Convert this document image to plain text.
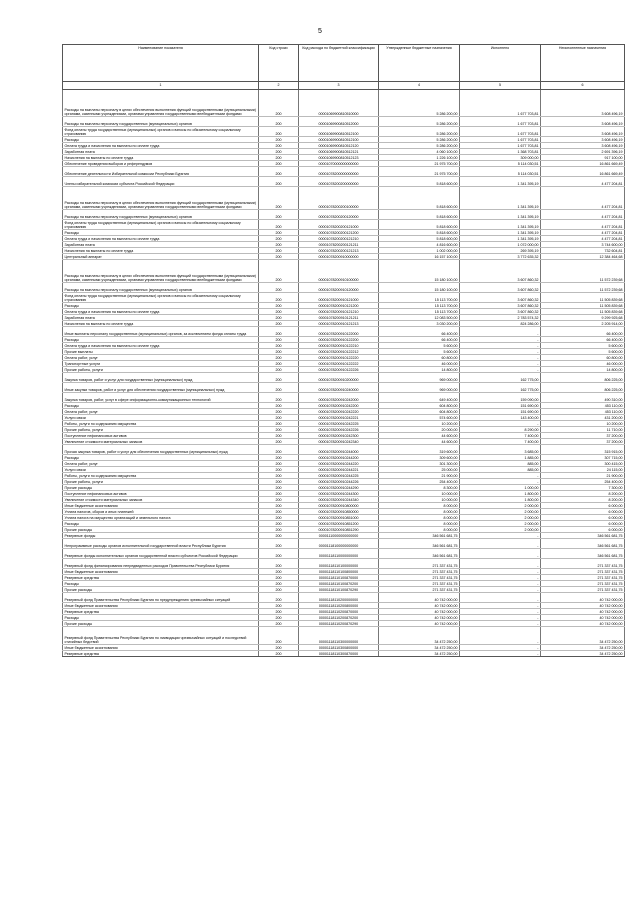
5
Наименование показателя	Код строки	Код расхода по бюджетной классификации	Утвержденные бюджетные назначения	Исполнено	Неисполненные назначения
1	2	3	4	5	6
Расходы на выплаты персоналу в целях обеспечения выполнения функций государственными (муниципальными) органами, казенными учреждениями, органами управления государственными внебюджетными фондами	200	00001069900810510000	5 286 200,00	1 677 703,81	3 608 496,19
Расходы на выплаты персоналу государственных (муниципальных) органов	200	00001069900810512000	5 286 200,00	1 677 703,81	3 608 496,19
Фонд оплаты труда государственных (муниципальных) органов и взносы по обязательному социальному страхованию	200	00001069900810512100	5 286 200,00	1 677 703,81	3 608 496,19
Расходы	200	00001069900810512100	5 286 200,00	1 677 703,81	3 608 496,19
Оплата труда и начисления на выплаты по оплате труда	200	00001069900810512120	5 286 200,00	1 677 703,81	3 608 496,19
Заработная плата	200	00001069900810512121	4 060 100,00	1 368 703,81	2 691 396,19
Начисления на выплаты по оплате труда	200	00001069900810512123	1 226 100,00	309 000,00	917 100,00
Обеспечение проведения выборов и референдумов	200	00001070000000000000	21 975 700,00	5 114 030,51	16 861 669,49
Обеспечение деятельности Избирательной комиссии Республики Бурятия	200	00001078200000000000	21 975 700,00	5 114 030,51	16 861 669,49
Члены избирательной комиссии субъекта Российской Федерации	200	00001078200200000000	5 818 600,00	1 341 395,19	4 477 204,81
Расходы на выплаты персоналу в целях обеспечения выполнения функций государственными (муниципальными) органами, казенными учреждениями, органами управления государственными внебюджетными фондами	200	00001078200200100000	5 818 600,00	1 341 395,19	4 477 204,81
Расходы на выплаты персоналу государственных (муниципальных) органов	200	00001078200200120000	5 818 600,00	1 341 395,19	4 477 204,81
Фонд оплаты труда государственных (муниципальных) органов и взносы по обязательному социальному страхованию	200	00001078200200121000	5 818 600,00	1 341 395,19	4 477 204,81
Расходы	200	00001078200200121200	5 818 600,00	1 341 395,19	4 477 204,81
Оплата труда и начисления на выплаты по оплате труда	200	00001078200200121210	5 818 600,00	1 341 395,19	4 477 204,81
Заработная плата	200	00001078200200121211	4 816 600,00	1 072 000,00	3 744 600,00
Начисления на выплаты по оплате труда	200	00001078200200121213	1 002 000,00	269 395,19	732 604,81
Центральный аппарат	200	00001078200910000000	16 157 100,00	3 772 635,32	12 384 464,68
Расходы на выплаты персоналу в целях обеспечения выполнения функций государственными (муниципальными) органами, казенными учреждениями, органами управления государственными внебюджетными фондами	200	00001078200910100000	15 180 100,00	3 607 860,32	11 572 239,68
Расходы на выплаты персоналу государственных (муниципальных) органов	200	00001078200910120000	15 180 100,00	3 607 860,32	11 572 239,68
Фонд оплаты труда государственных (муниципальных) органов и взносы по обязательному социальному страхованию	200	00001078200910121000	15 113 700,00	3 607 860,32	11 505 839,68
Расходы	200	00001078200910121200	15 113 700,00	3 607 860,32	11 505 839,68
Оплата труда и начисления на выплаты по оплате труда	200	00001078200910121210	15 113 700,00	3 607 860,32	11 505 839,68
Заработная плата	200	00001078200910121211	12 083 500,00	2 783 574,32	9 299 925,68
Начисления на выплаты по оплате труда	200	00001078200910121213	3 030 200,00	824 286,00	2 205 914,00
Иные выплаты персоналу государственных (муниципальных) органов, за исключением фонда оплаты труда	200	00001078200910122000	66 400,00	-	66 400,00
Расходы	200	00001078200910122200	66 400,00	-	66 400,00
Оплата труда и начисления на выплаты по оплате труда	200	00001078200910122210	5 600,00	-	5 600,00
Прочие выплаты	200	00001078200910122212	5 600,00	-	5 600,00
Оплата работ, услуг	200	00001078200910122220	60 800,00	-	60 800,00
Транспортные услуги	200	00001078200910122222	46 000,00	-	46 000,00
Прочие работы, услуги	200	00001078200910122226	14 800,00	-	14 800,00
Закупка товаров, работ и услуг для государственных (муниципальных) нужд	200	00001078200910200000	969 000,00	162 775,00	806 225,00
Иные закупки товаров, работ и услуг для обеспечения государственных (муниципальных) нужд	200	00001078200910240000	969 000,00	162 775,00	806 225,00
Закупка товаров, работ, услуг в сфере информационно-коммуникационных технологий	200	00001078200910242000	649 400,00	159 090,00	490 310,00
Расходы	200	00001078200910242200	604 800,00	151 690,00	453 110,00
Оплата работ, услуг	200	00001078200910242220	604 800,00	151 690,00	453 110,00
Услуги связи	200	00001078200910242221	574 600,00	143 400,00	431 200,00
Работы, услуги по содержанию имущества	200	00001078200910242225	10 200,00	-	10 200,00
Прочие работы, услуги	200	00001078200910242226	20 000,00	8 290,00	11 710,00
Поступление нефинансовых активов	200	00001078200910242300	44 600,00	7 400,00	37 200,00
Увеличение стоимости материальных запасов	200	00001078200910242340	44 600,00	7 400,00	37 200,00
Прочая закупка товаров, работ и услуг для обеспечения государственных (муниципальных) нужд	200	00001078200910244000	319 600,00	3 685,00	315 915,00
Расходы	200	00001078200910244200	309 600,00	1 885,00	307 715,00
Оплата работ, услуг	200	00001078200910244220	301 300,00	885,00	300 415,00
Услуги связи	200	00001078200910244221	25 000,00	885,00	24 115,00
Работы, услуги по содержанию имущества	200	00001078200910244225	21 900,00	-	21 900,00
Прочие работы, услуги	200	00001078200910244226	254 400,00	-	254 400,00
Прочие расходы	200	00001078200910244290	8 300,00	1 000,00	7 300,00
Поступление нефинансовых активов	200	00001078200910244300	10 000,00	1 800,00	8 200,00
Увеличение стоимости материальных запасов	200	00001078200910244340	10 000,00	1 800,00	8 200,00
Иные бюджетные ассигнования	200	00001078200910800000	8 000,00	2 000,00	6 000,00
Уплата налогов, сборов и иных платежей	200	00001078200910850000	8 000,00	2 000,00	6 000,00
Уплата налога на имущество организаций и земельного налога	200	00001078200910851000	8 000,00	2 000,00	6 000,00
Расходы	200	00001078200910851200	8 000,00	2 000,00	6 000,00
Прочие расходы	200	00001078200910851290	8 000,00	2 000,00	6 000,00
Резервные фонды	200	00001110000000000000	346 561 681,75	-	346 561 681,75
Непрограммные расходы органов исполнительной государственной власти Республики Бурятия	200	00001118100000000000	346 561 681,75	-	346 561 681,75
Резервные фонды исполнительных органов государственной власти субъектов Российской Федерации	200	00001118110000000000	346 561 681,75	-	346 561 681,75
Резервный фонд финансирования непредвиденных расходов Правительства Республики Бурятия	200	00001118110100000000	271 337 431,75	-	271 337 431,75
Иные бюджетные ассигнования	200	00001118110100800000	271 337 431,75	-	271 337 431,75
Резервные средства	200	00001118110100870000	271 337 431,75	-	271 337 431,75
Расходы	200	00001118110100870200	271 337 431,75	-	271 337 431,75
Прочие расходы	200	00001118110100870290	271 337 431,75	-	271 337 431,75
Резервный фонд Правительства Республики Бурятия по предупреждению чрезвычайных ситуаций	200	00001118110200000000	40 742 000,00	-	40 742 000,00
Иные бюджетные ассигнования	200	00001118110200800000	40 742 000,00	-	40 742 000,00
Резервные средства	200	00001118110200870000	40 742 000,00	-	40 742 000,00
Расходы	200	00001118110200870200	40 742 000,00	-	40 742 000,00
Прочие расходы	200	00001118110200870290	40 742 000,00	-	40 742 000,00
Резервный фонд Правительства Республики Бурятия по ликвидации чрезвычайных ситуаций и последствий стихийных бедствий	200	00001118110300000000	34 472 250,00	-	34 472 250,00
Иные бюджетные ассигнования	200	00001118110300800000	34 472 250,00	-	34 472 250,00
Резервные средства	200	00001118110300870000	34 472 250,00	-	34 472 250,00
